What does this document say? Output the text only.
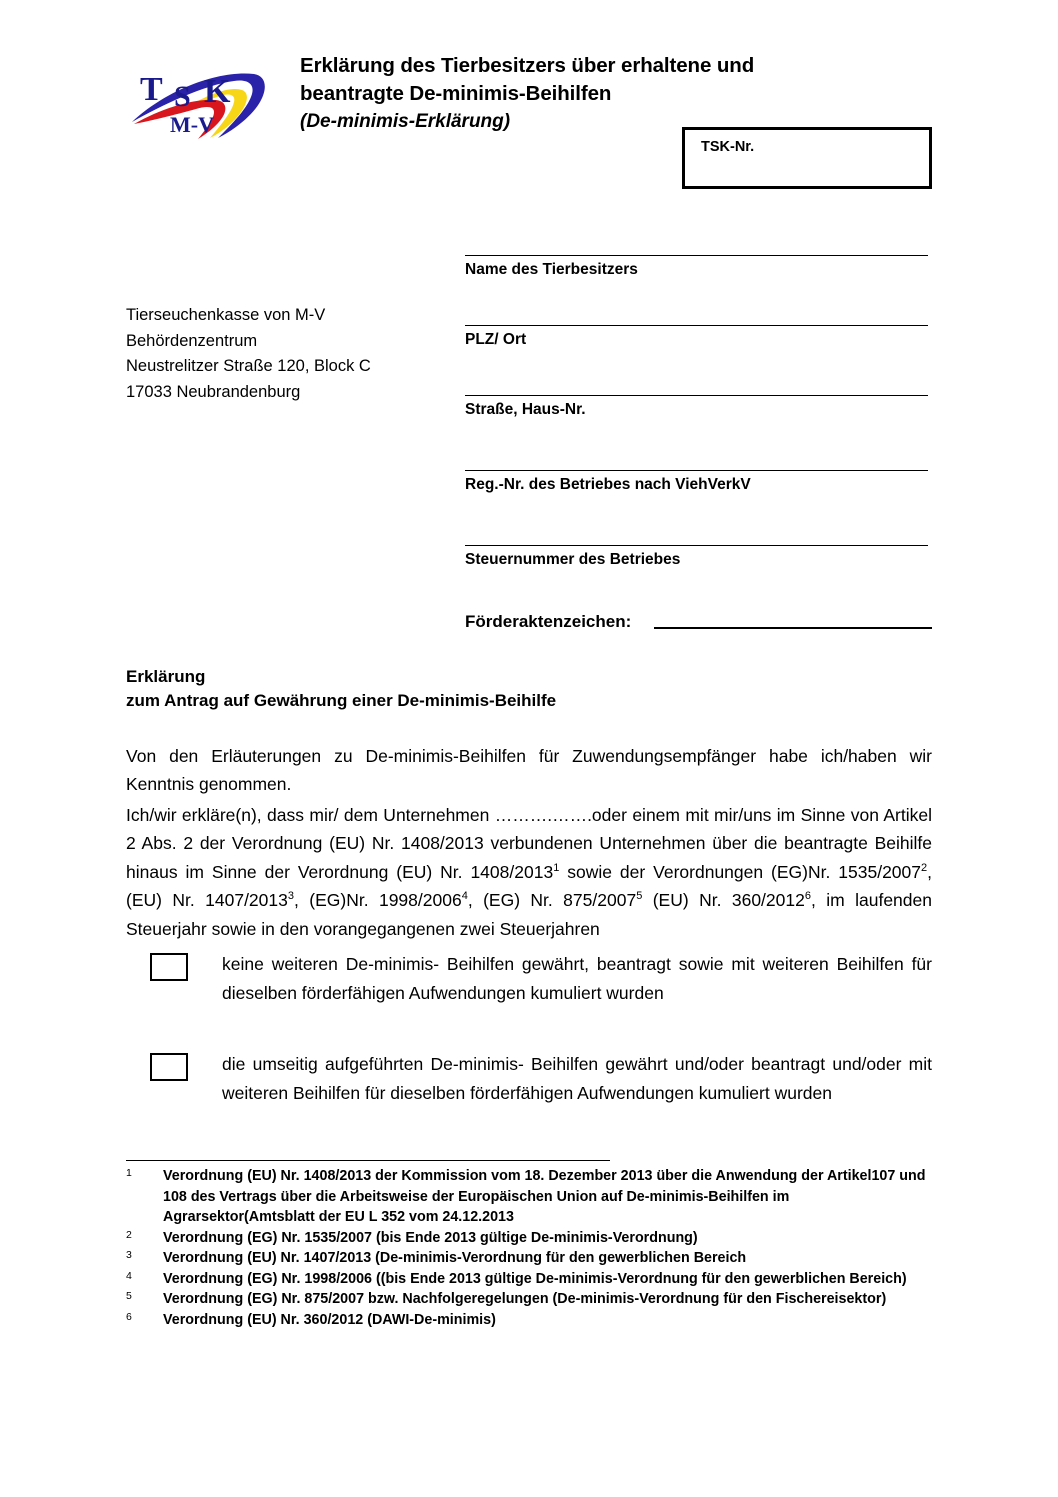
T S K
M-V
Erklärung des Tierbesitzers über erhaltene und
beantragte De-minimis-Beihilfen
(De-minimis-Erklärung)
TSK-Nr.
Tierseuchenkasse von M-V
Behördenzentrum
Neustrelitzer Straße 120, Block C
17033 Neubrandenburg
Name des Tierbesitzers
PLZ/ Ort
Straße, Haus-Nr.
Reg.-Nr. des Betriebes nach ViehVerkV
Steuernummer des Betriebes
Förderaktenzeichen:
Erklärung
zum Antrag auf Gewährung einer De-minimis-Beihilfe

Von den Erläuterungen zu De-minimis-Beihilfen für Zuwendungsempfänger habe ich/haben wir Kenntnis genommen.

Ich/wir erkläre(n), dass mir/ dem Unternehmen ……….…….oder einem mit mir/uns im Sinne von Artikel 2 Abs. 2 der Verordnung (EU) Nr. 1408/2013 verbundenen Unternehmen über die beantragte Beihilfe hinaus im Sinne der Verordnung (EU) Nr. 1408/2013$^1$ sowie der Verordnungen (EG)Nr. 1535/2007$^2$, (EU) Nr. 1407/2013$^3$, (EG)Nr. 1998/2006$^4$, (EG) Nr. 875/2007$^5$ (EU) Nr. 360/2012$^6$, im laufenden Steuerjahr sowie in den vorangegangenen zwei Steuerjahren

keine weiteren De-minimis- Beihilfen gewährt, beantragt sowie mit weiteren Beihilfen für dieselben förderfähigen Aufwendungen kumuliert wurden
die umseitig aufgeführten De-minimis- Beihilfen gewährt und/oder beantragt und/oder mit weiteren Beihilfen für dieselben förderfähigen Aufwendungen kumuliert wurden
1 Verordnung (EU) Nr. 1408/2013 der Kommission vom 18. Dezember 2013 über die Anwendung der Artikel107 und 108 des Vertrags über die Arbeitsweise der Europäischen Union auf De-minimis-Beihilfen im Agrarsektor(Amtsblatt der EU L 352 vom 24.12.2013
2 Verordnung (EG) Nr. 1535/2007 (bis Ende 2013 gültige De-minimis-Verordnung)
3 Verordnung (EU) Nr. 1407/2013 (De-minimis-Verordnung für den gewerblichen Bereich
4 Verordnung (EG) Nr. 1998/2006 ((bis Ende 2013 gültige De-minimis-Verordnung für den gewerblichen Bereich)
5 Verordnung (EG) Nr. 875/2007 bzw. Nachfolgeregelungen (De-minimis-Verordnung für den Fischereisektor)
6 Verordnung (EU) Nr. 360/2012 (DAWI-De-minimis)
